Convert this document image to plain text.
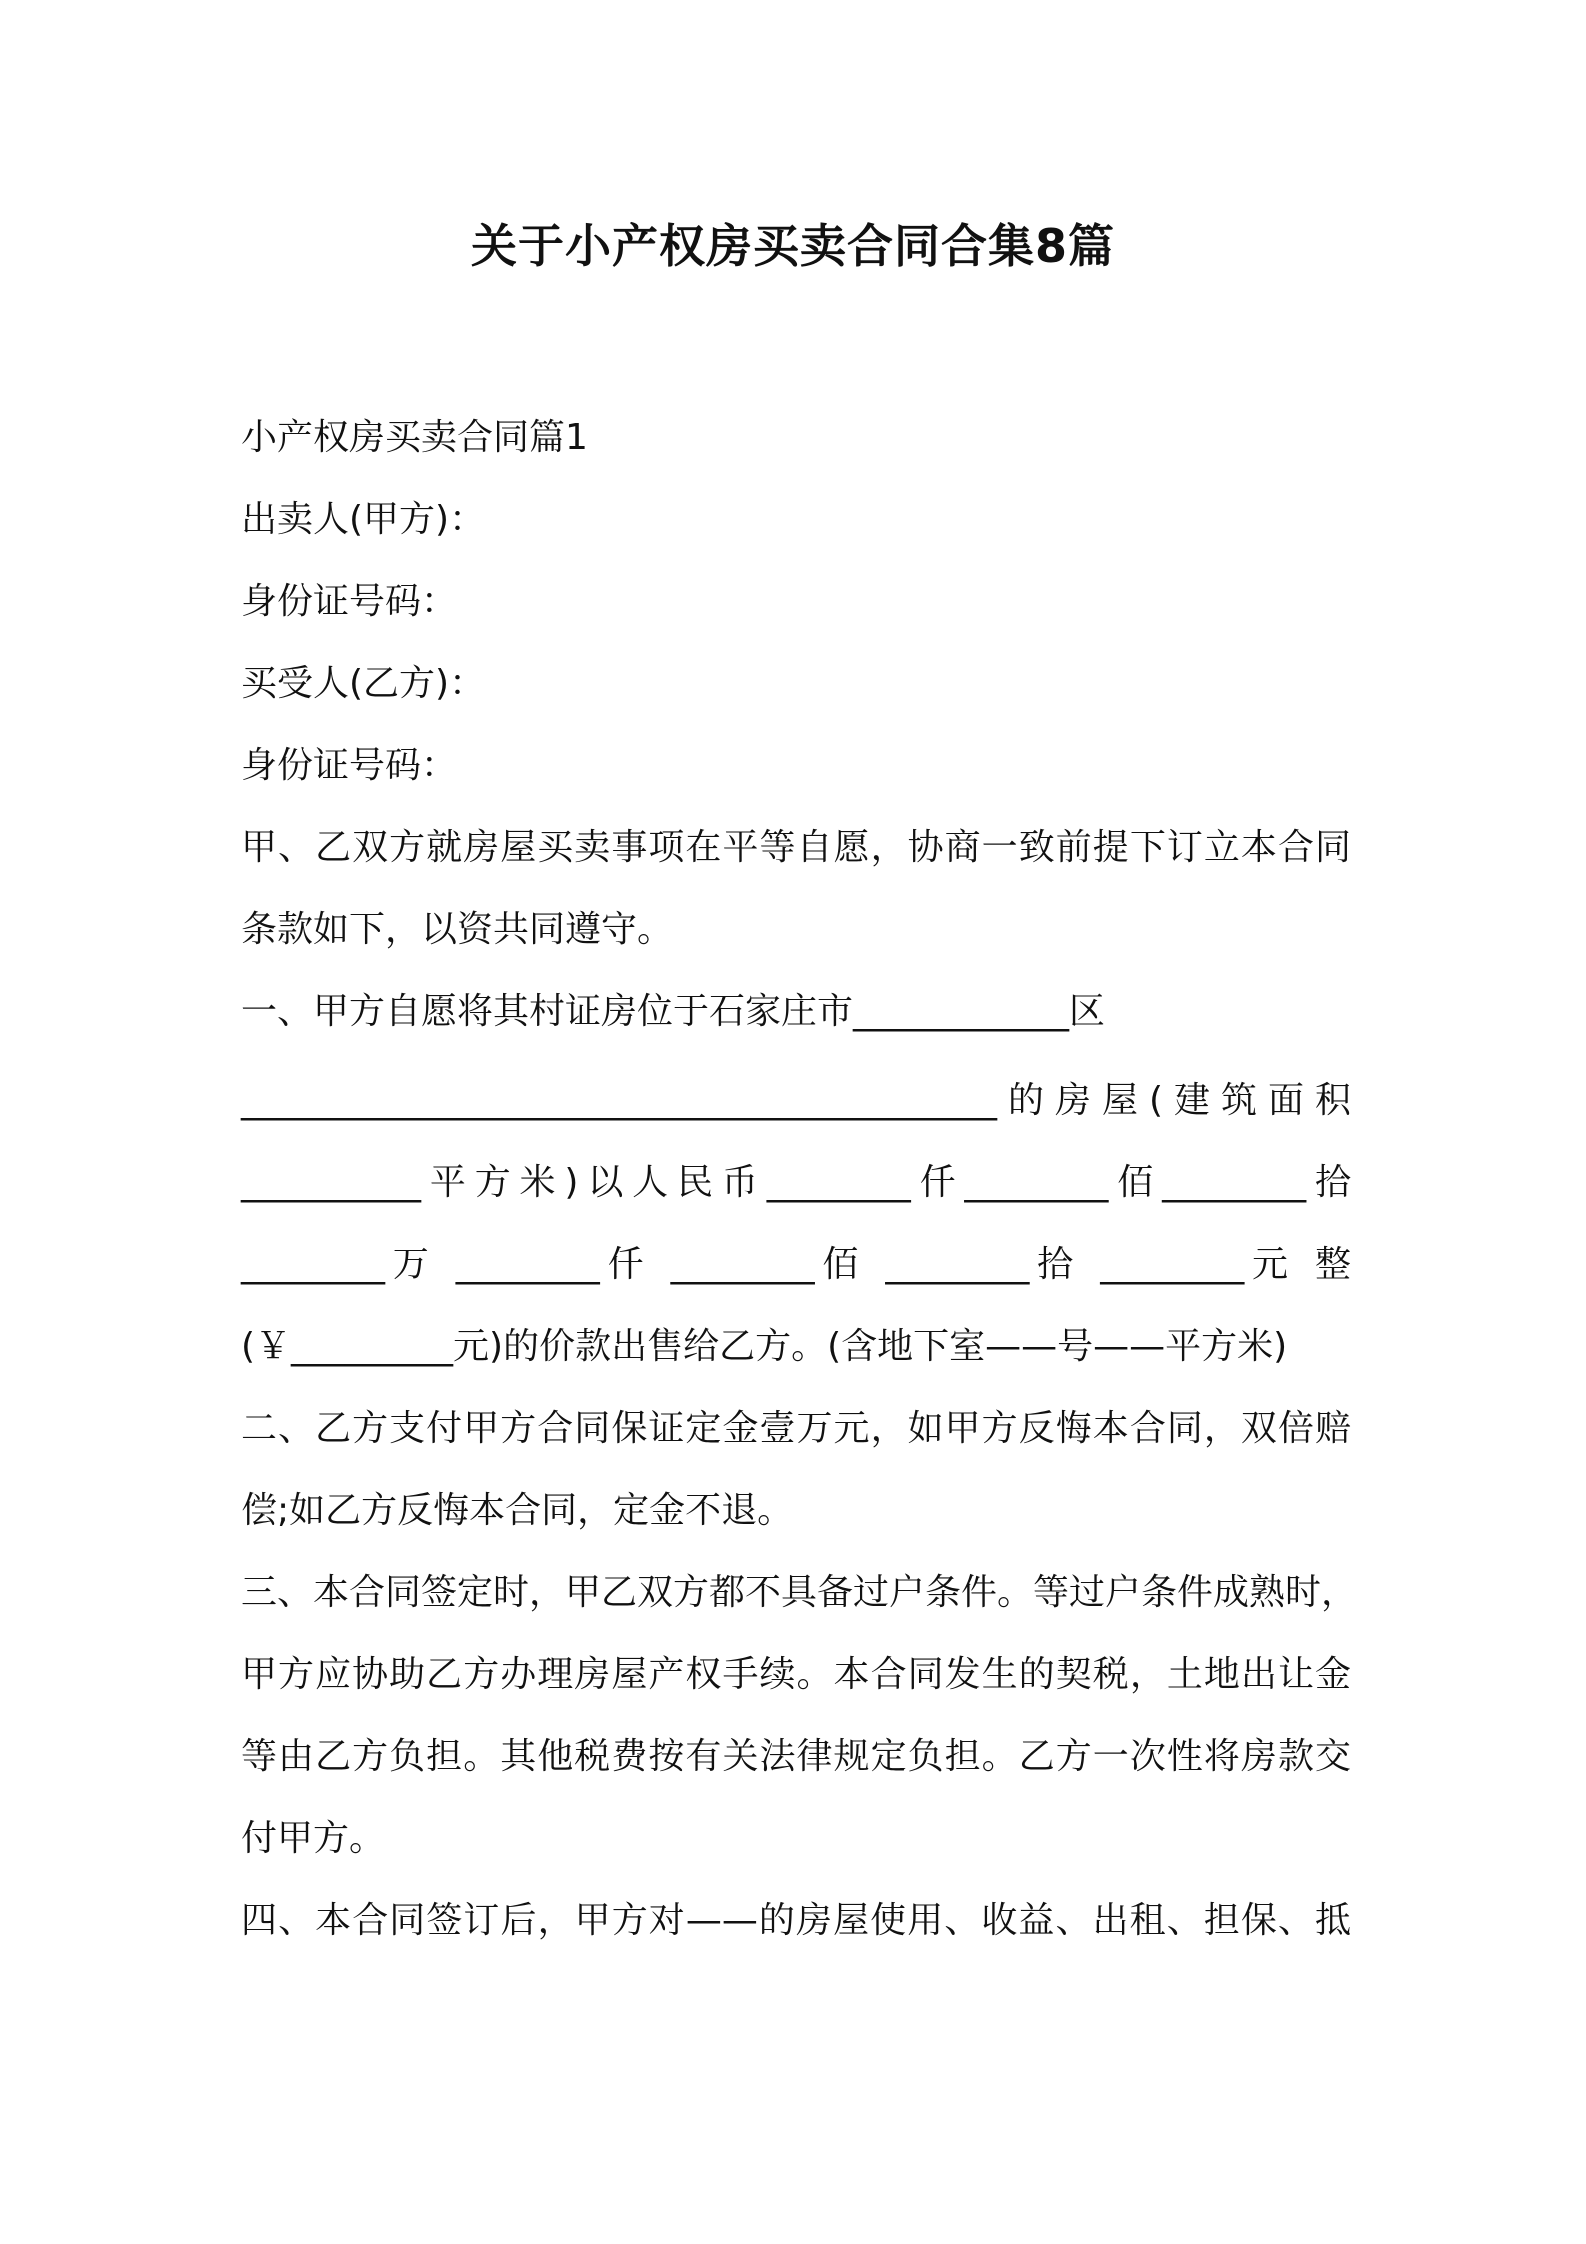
关于小产权房买卖合同合集8篇
小产权房买卖合同篇1
出卖人(甲方)：
身份证号码：
买受人(乙方)：
身份证号码：
甲、乙双方就房屋买卖事项在平等自愿，协商一致前提下订立本合同
条款如下，以资共同遵守。
一、甲方自愿将其村证房位于石家庄市____________区
__________________________________________的房屋(建筑面积
__________平方米)以人民币________仟________佰________拾
________万 ________仟 ________佰 ________拾 ________元 整
(￥_________元)的价款出售给乙方。(含地下室——号——平方米)
二、乙方支付甲方合同保证定金壹万元，如甲方反悔本合同，双倍赔
偿;如乙方反悔本合同，定金不退。
三、本合同签定时，甲乙双方都不具备过户条件。等过户条件成熟时，
甲方应协助乙方办理房屋产权手续。本合同发生的契税，土地出让金
等由乙方负担。其他税费按有关法律规定负担。乙方一次性将房款交
付甲方。
四、本合同签订后，甲方对——的房屋使用、收益、出租、担保、抵
